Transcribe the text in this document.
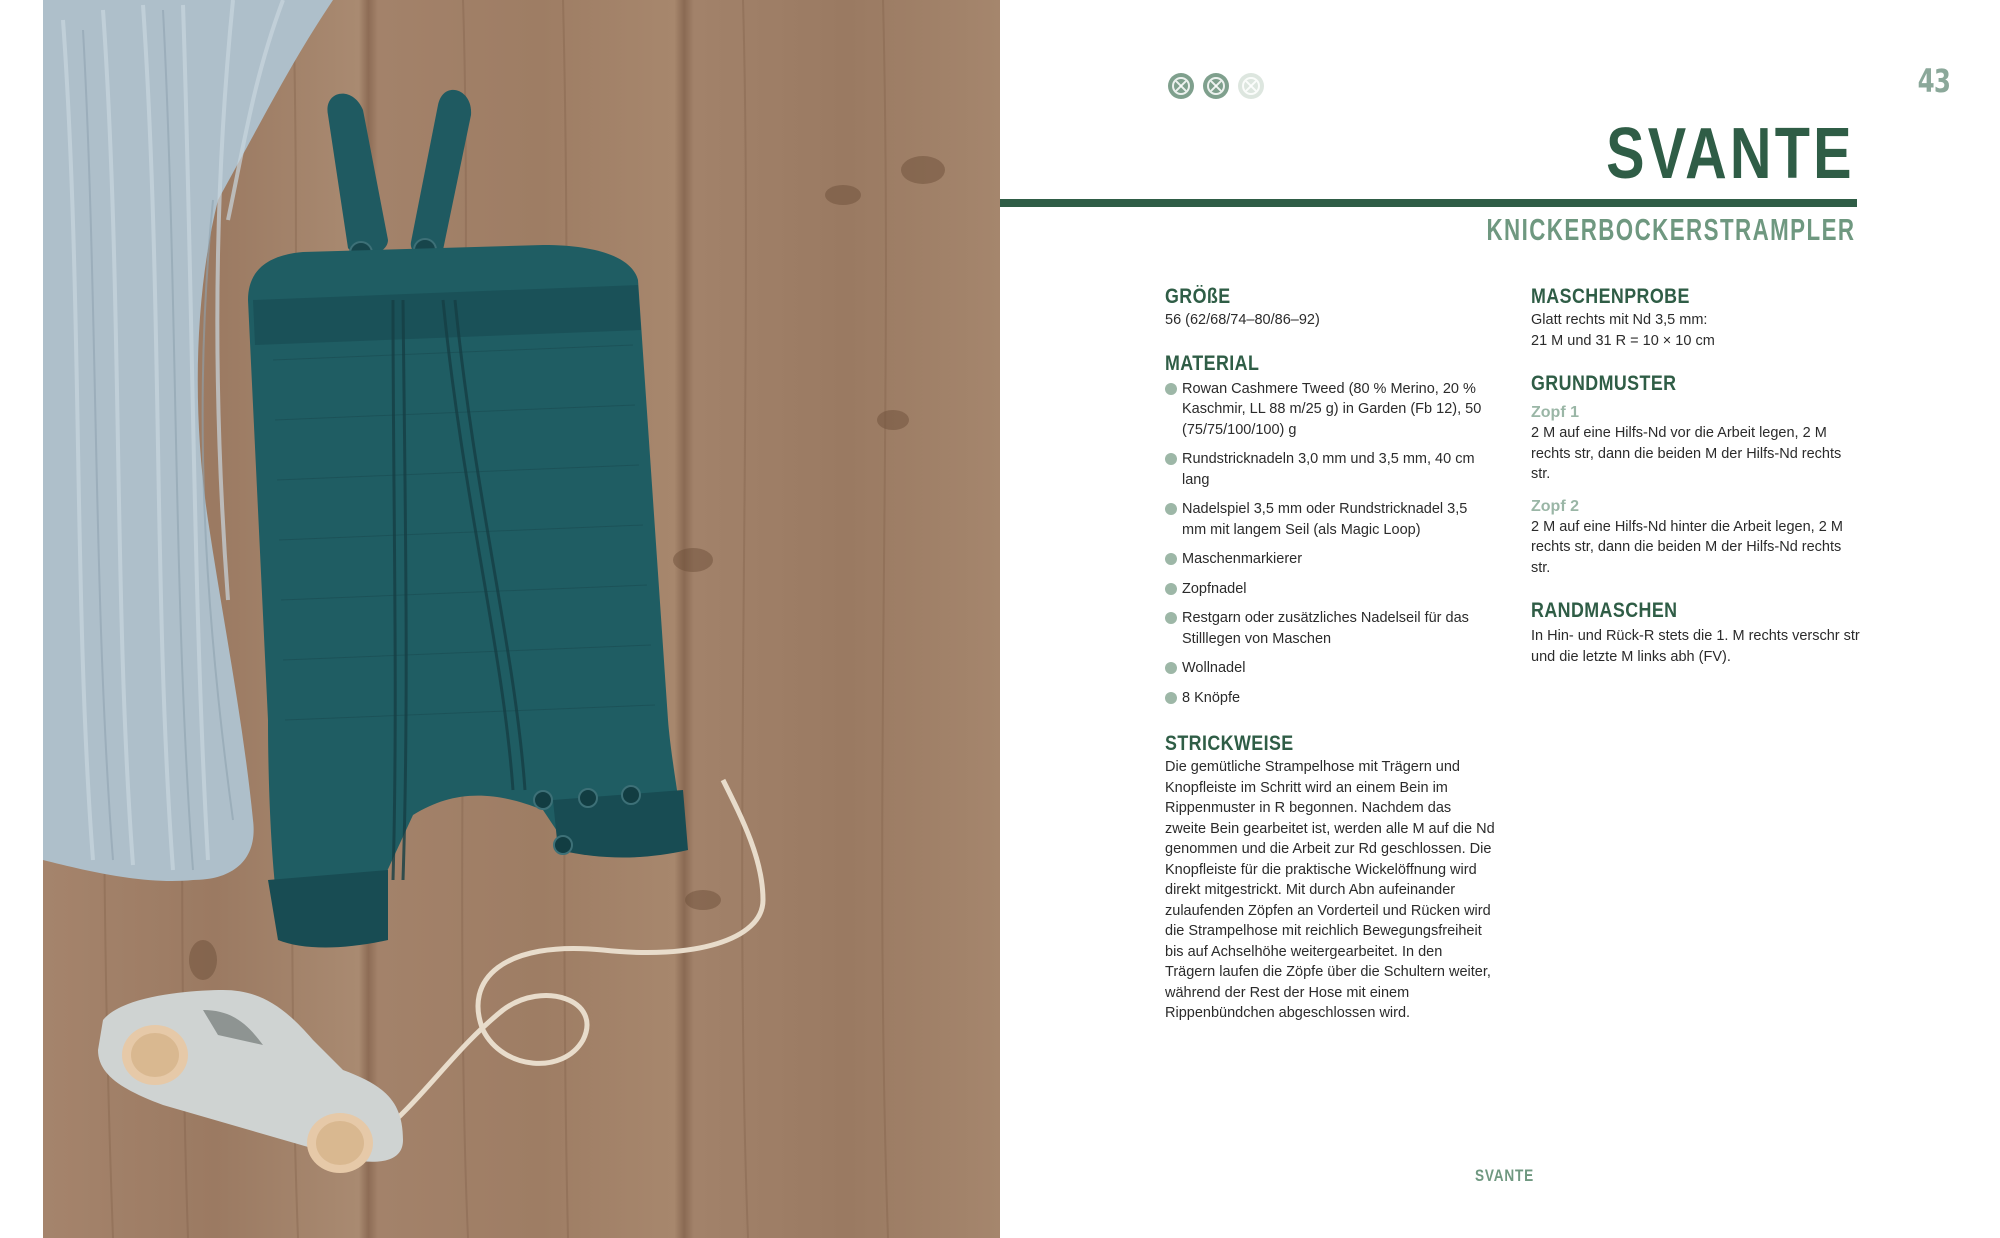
43
SVANTE
KNICKERBOCKERSTRAMPLER
GRÖßE

56 (62/68/74–80/86–92)

MATERIAL
Rowan Cashmere Tweed (80 % Merino, 20 % Kaschmir, LL 88 m/25 g) in Garden (Fb 12), 50 (75/75/100/100) g
Rundstricknadeln 3,0 mm und 3,5 mm, 40 cm lang
Nadelspiel 3,5 mm oder Rundstricknadel 3,5 mm mit langem Seil (als Magic Loop)
Maschenmarkierer
Zopfnadel
Restgarn oder zusätzliches Nadelseil für das Stilllegen von Maschen
Wollnadel
8 Knöpfe
STRICKWEISE

Die gemütliche Strampelhose mit Trägern und Knopfleiste im Schritt wird an einem Bein im Rippenmuster in R begonnen. Nachdem das zweite Bein gearbeitet ist, werden alle M auf die Nd genommen und die Arbeit zur Rd geschlossen. Die Knopfleiste für die praktische Wickelöffnung wird direkt mitgestrickt. Mit durch Abn aufeinander zulaufenden Zöpfen an Vorderteil und Rücken wird die Strampelhose mit reichlich Bewegungsfreiheit bis auf Achselhöhe weitergearbeitet. In den Trägern laufen die Zöpfe über die Schultern weiter, während der Rest der Hose mit einem Rippenbündchen abgeschlossen wird.

MASCHENPROBE

Glatt rechts mit Nd 3,5 mm:

21 M und 31 R = 10 × 10 cm

GRUNDMUSTER
Zopf 1

2 M auf eine Hilfs-Nd vor die Arbeit legen, 2 M rechts str, dann die beiden M der Hilfs-Nd rechts str.

Zopf 2

2 M auf eine Hilfs-Nd hinter die Arbeit legen, 2 M rechts str, dann die beiden M der Hilfs-Nd rechts str.

RANDMASCHEN

In Hin- und Rück-R stets die 1. M rechts verschr str und die letzte M links abh (FV).

SVANTE
